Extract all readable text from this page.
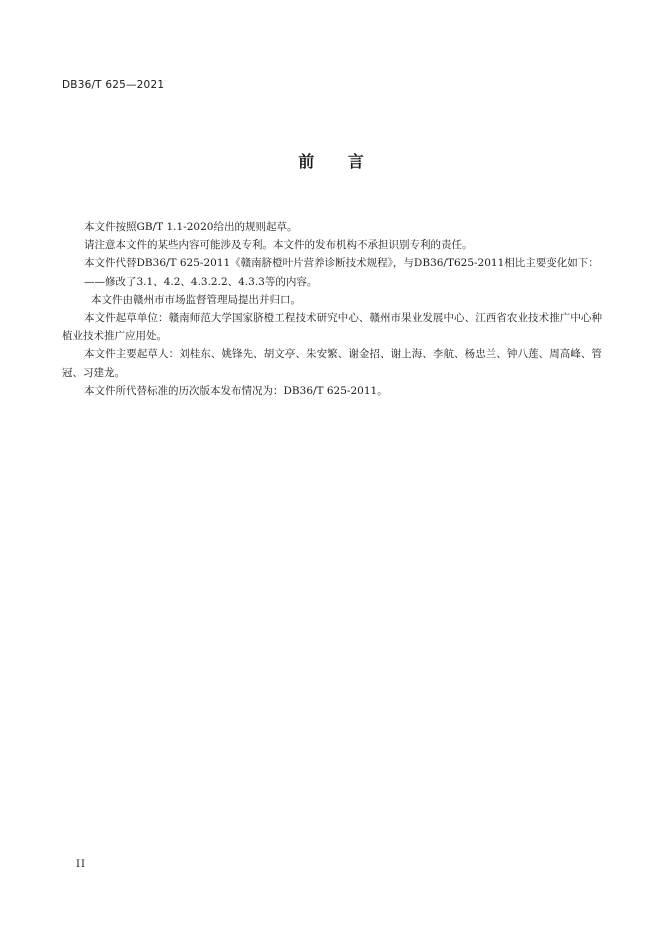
DB36/T 625—2021
前 言

本文件按照GB/T 1.1-2020给出的规则起草。

请注意本文件的某些内容可能涉及专利。本文件的发布机构不承担识别专利的责任。

本文件代替DB36/T 625-2011《赣南脐橙叶片营养诊断技术规程》，与DB36/T625-2011相比主要变化如下：

——修改了3.1、4.2、4.3.2.2、4.3.3等的内容。

本文件由赣州市市场监督管理局提出并归口。

本文件起草单位：赣南师范大学国家脐橙工程技术研究中心、赣州市果业发展中心、江西省农业技术推广中心种植业技术推广应用处。

本文件主要起草人：刘桂东、姚锋先、胡文亭、朱安繁、谢金招、谢上海、李航、杨忠兰、钟八莲、周高峰、管冠、习建龙。

本文件所代替标准的历次版本发布情况为：DB36/T 625-2011。

II
